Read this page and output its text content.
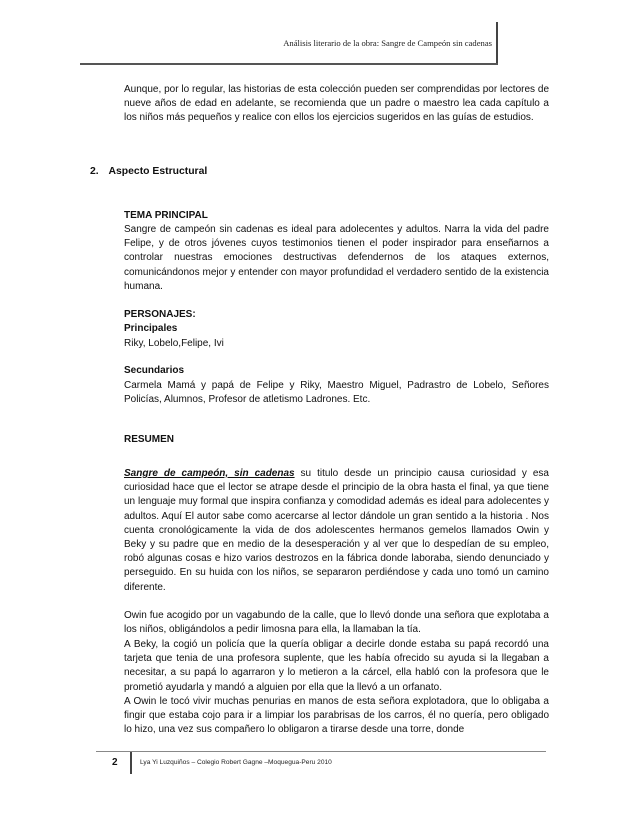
Análisis literario de la obra: Sangre de Campeón sin cadenas
Aunque, por lo regular, las historias de esta colección pueden ser comprendidas por lectores de nueve años de edad en adelante, se recomienda que un padre o maestro lea cada capítulo a los niños más pequeños y realice con ellos los ejercicios sugeridos en las guías de estudios.
2. Aspecto Estructural
TEMA PRINCIPAL
Sangre de campeón sin cadenas es ideal para adolecentes y adultos. Narra la vida del padre Felipe, y de otros jóvenes cuyos testimonios tienen el poder inspirador para enseñarnos a controlar nuestras emociones destructivas defendernos de los ataques externos, comunicándonos mejor y entender con mayor profundidad el verdadero sentido de la existencia humana.
PERSONAJES:
Principales
Riky, Lobelo,Felipe, Ivi
Secundarios
Carmela Mamá y papá de Felipe y Riky, Maestro Miguel, Padrastro de Lobelo, Señores Policías, Alumnos, Profesor de atletismo Ladrones. Etc.
RESUMEN
Sangre de campeón, sin cadenas su titulo desde un principio causa curiosidad y esa curiosidad hace que el lector se atrape desde el principio de la obra hasta el final, ya que tiene un lenguaje muy formal que inspira confianza y comodidad además es ideal para adolecentes y adultos. Aquí El autor sabe como acercarse al lector dándole un gran sentido a la historia . Nos cuenta cronológicamente la vida de dos adolescentes hermanos gemelos llamados Owin y Beky y su padre que en medio de la desesperación y al ver que lo despedían de su empleo, robó algunas cosas e hizo varios destrozos en la fábrica donde laboraba, siendo denunciado y perseguido. En su huida con los niños, se separaron perdiéndose y cada uno tomó un camino diferente.
Owin fue acogido por un vagabundo de la calle, que lo llevó donde una señora que explotaba a los niños, obligándolos a pedir limosna para ella, la llamaban la tía.
A Beky, la cogió un policía que la quería obligar a decirle donde estaba su papá recordó una tarjeta que tenia de una profesora suplente, que les había ofrecido su ayuda si la llegaban a necesitar, a su papá lo agarraron y lo metieron a la cárcel, ella habló con la profesora que le prometió ayudarla y mandó a alguien por ella que la llevó a un orfanato.
A Owin le tocó vivir muchas penurias en manos de esta señora explotadora, que lo obligaba a fingir que estaba cojo para ir a limpiar los parabrisas de los carros, él no quería, pero obligado lo hizo, una vez sus compañero lo obligaron a tirarse desde una torre, donde
2	Lya Yi Luzquiños – Colegio Robert Gagne –Moquegua-Peru 2010
